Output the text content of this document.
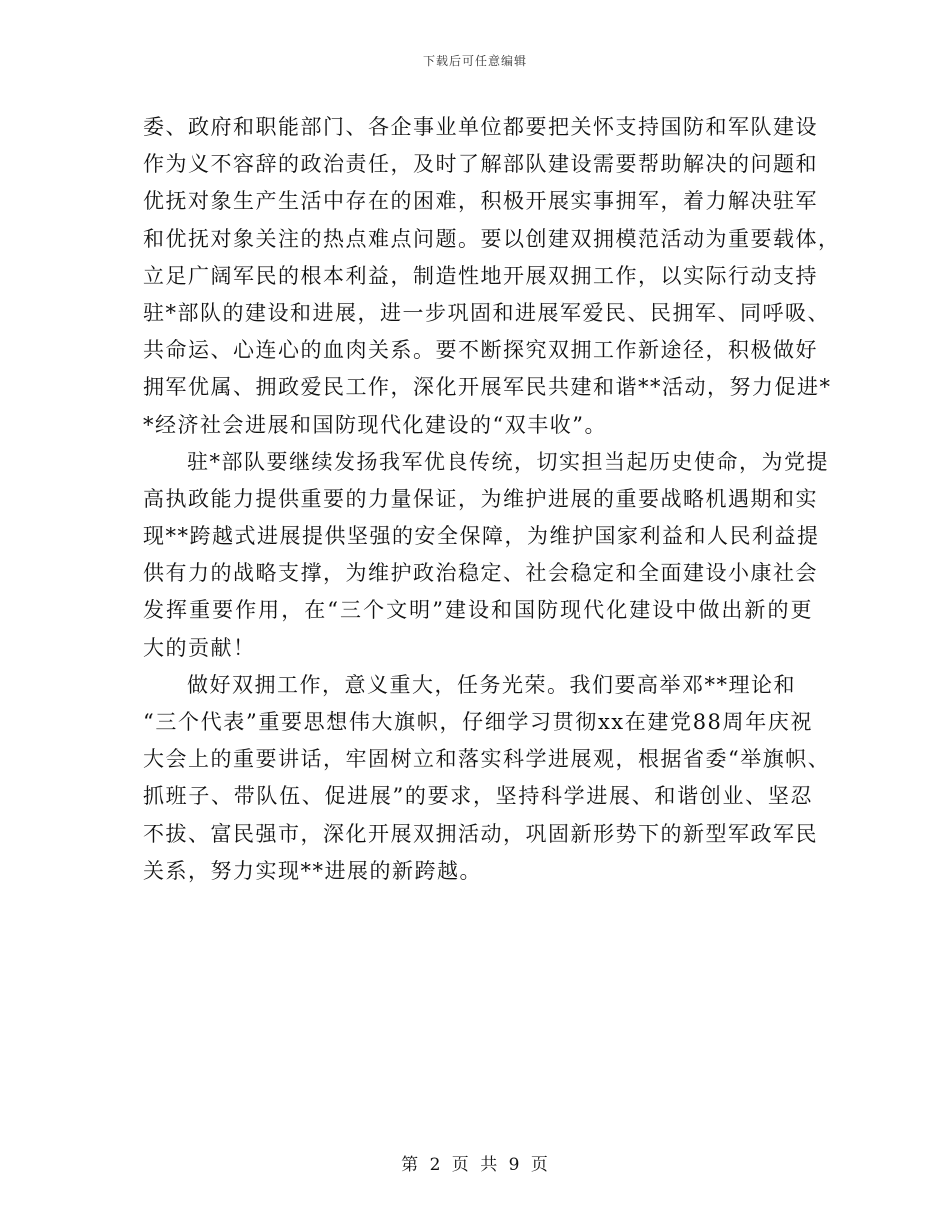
下载后可任意编辑
委、政府和职能部门、各企事业单位都要把关怀支持国防和军队建设
作为义不容辞的政治责任，及时了解部队建设需要帮助解决的问题和
优抚对象生产生活中存在的困难，积极开展实事拥军，着力解决驻军
和优抚对象关注的热点难点问题。要以创建双拥模范活动为重要载体，
立足广阔军民的根本利益，制造性地开展双拥工作，以实际行动支持
驻*部队的建设和进展，进一步巩固和进展军爱民、民拥军、同呼吸、
共命运、心连心的血肉关系。要不断探究双拥工作新途径，积极做好
拥军优属、拥政爱民工作，深化开展军民共建和谐**活动，努力促进*
*经济社会进展和国防现代化建设的“双丰收”。
驻*部队要继续发扬我军优良传统，切实担当起历史使命，为党提
高执政能力提供重要的力量保证，为维护进展的重要战略机遇期和实
现**跨越式进展提供坚强的安全保障，为维护国家利益和人民利益提
供有力的战略支撑，为维护政治稳定、社会稳定和全面建设小康社会
发挥重要作用，在“三个文明”建设和国防现代化建设中做出新的更
大的贡献！
做好双拥工作，意义重大，任务光荣。我们要高举邓**理论和
“三个代表”重要思想伟大旗帜，仔细学习贯彻xx在建党88周年庆祝
大会上的重要讲话，牢固树立和落实科学进展观，根据省委“举旗帜、
抓班子、带队伍、促进展”的要求，坚持科学进展、和谐创业、坚忍
不拔、富民强市，深化开展双拥活动，巩固新形势下的新型军政军民
关系，努力实现**进展的新跨越。
第 2 页 共 9 页
